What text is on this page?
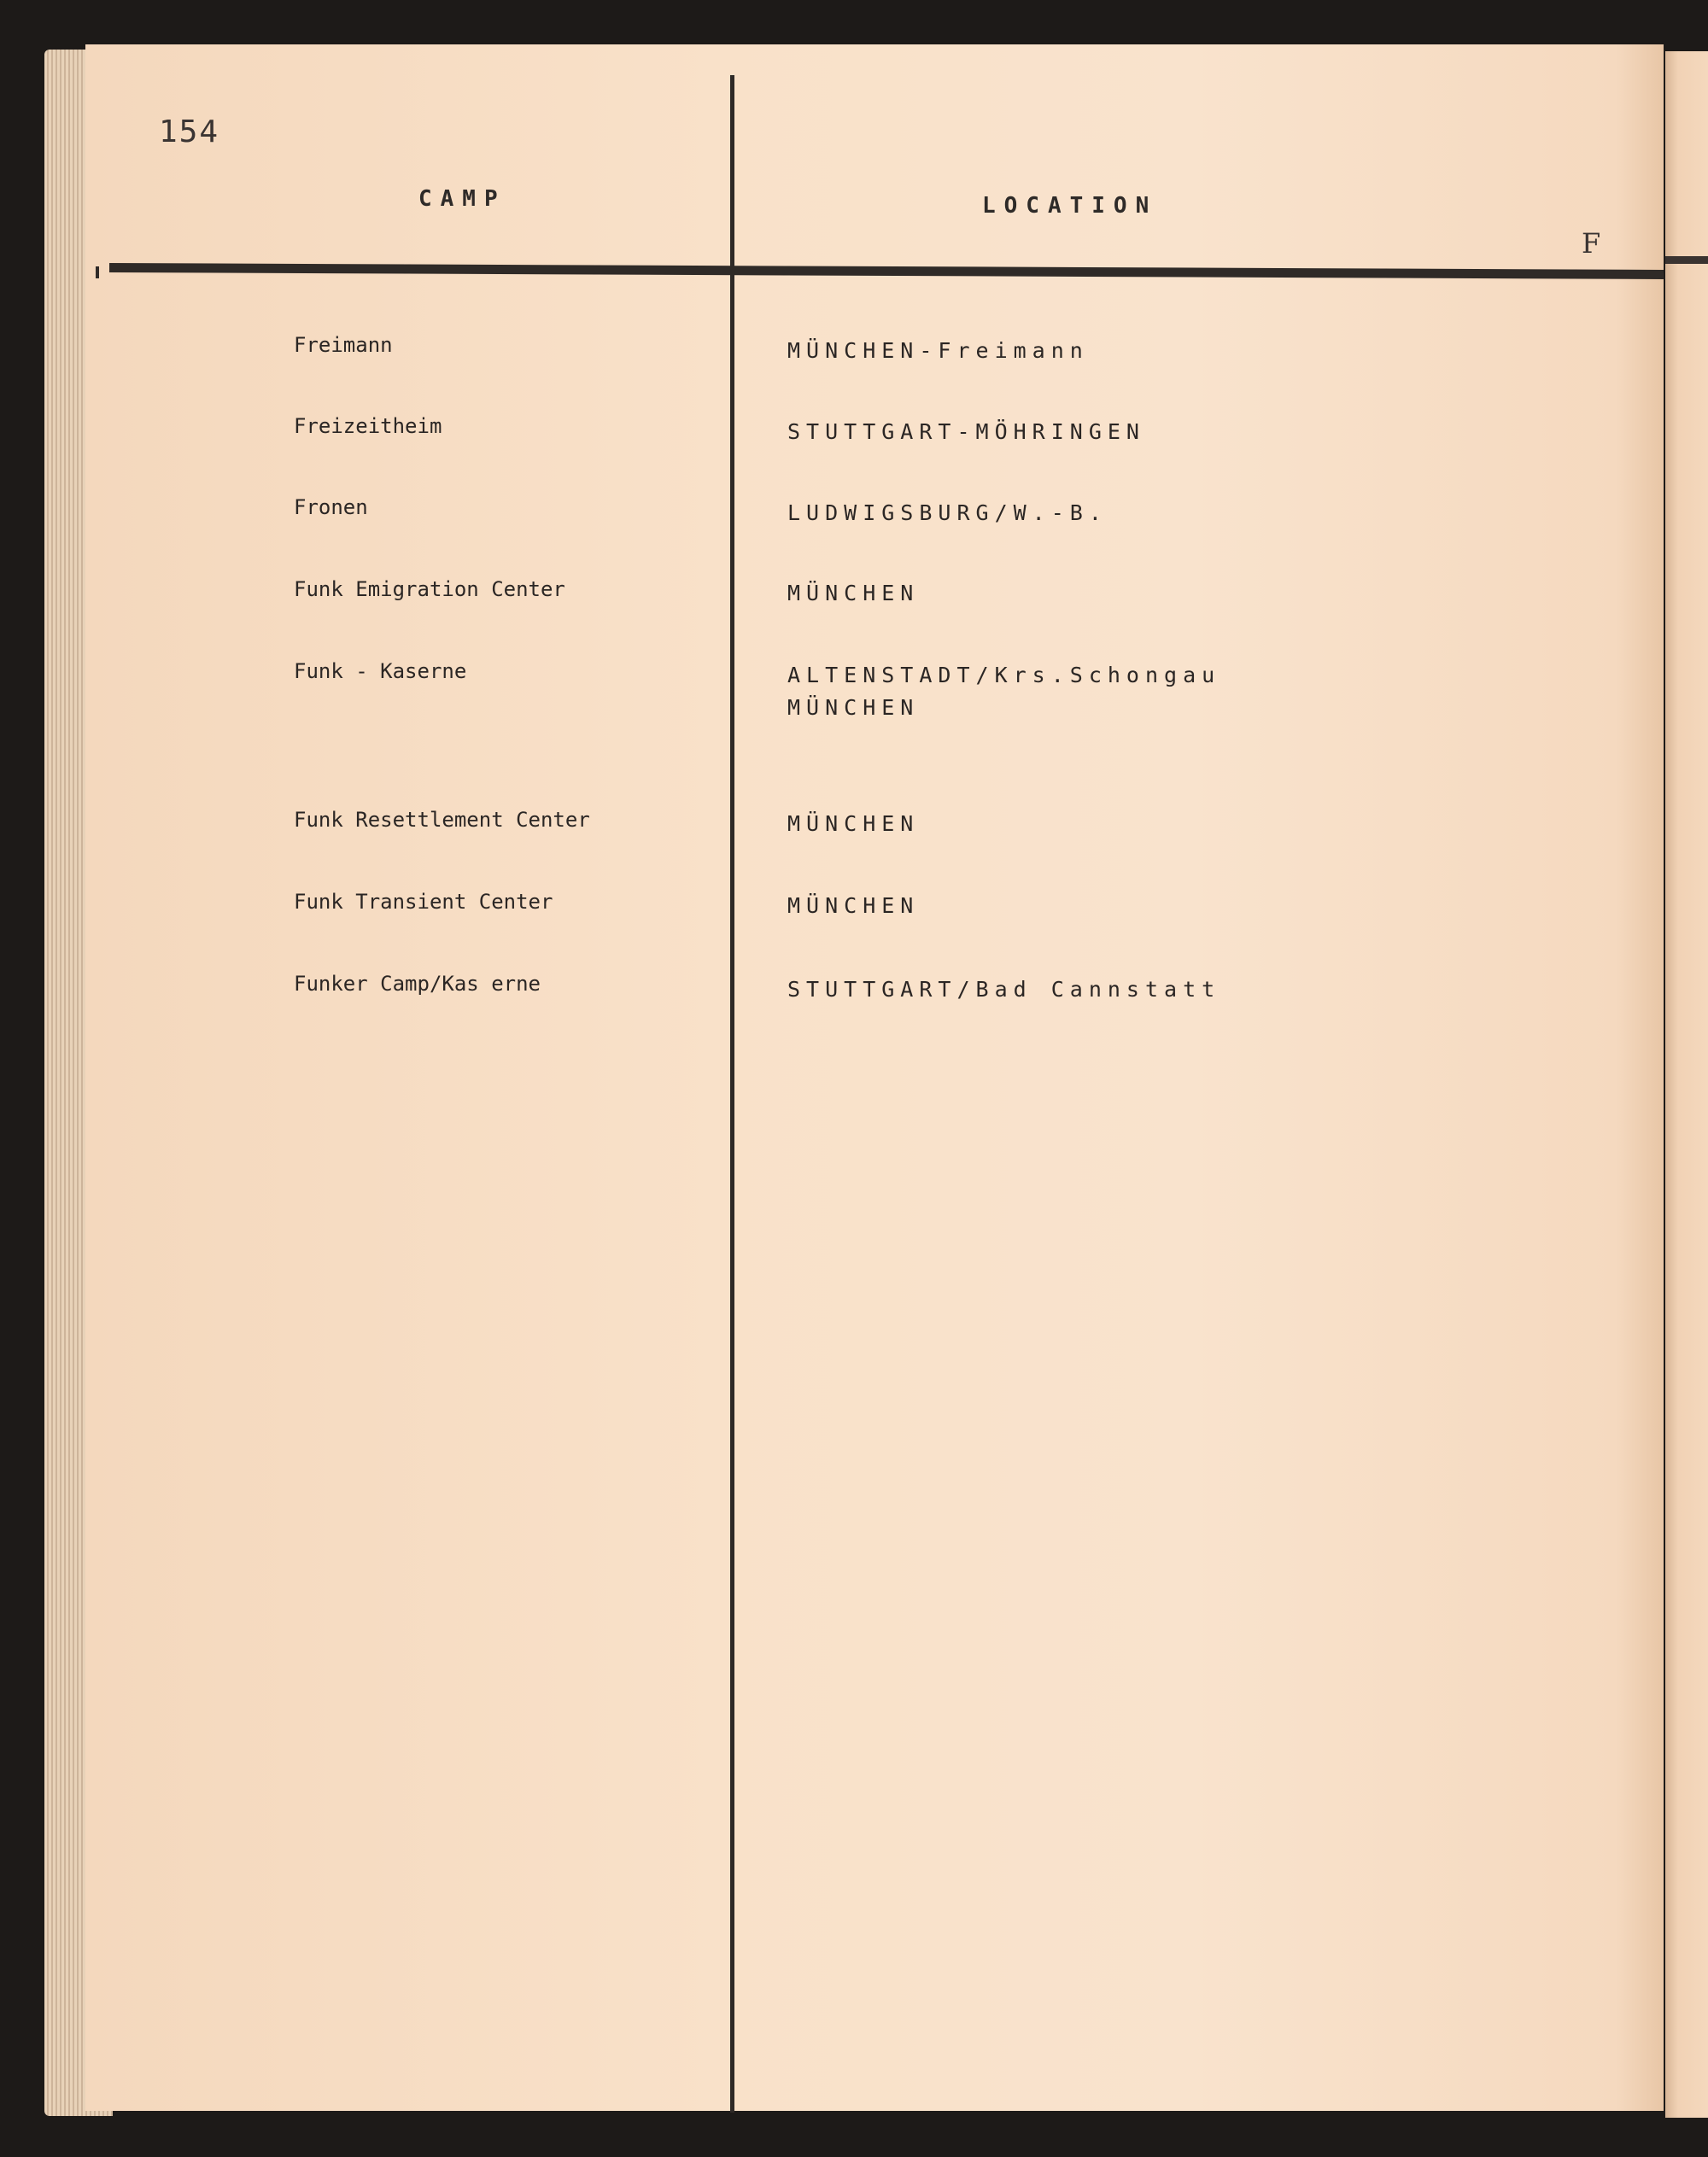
154
CAMP	LOCATION
F
Freimann
Freizeitheim
Fronen
Funk Emigration Center
Funk - Kaserne
Funk Resettlement Center
Funk Transient Center
Funker Camp/Kas erne
MÜNCHEN-Freimann
STUTTGART-MÖHRINGEN
LUDWIGSBURG/W.-B.
MÜNCHEN
ALTENSTADT/Krs.Schongau
MÜNCHEN
MÜNCHEN
MÜNCHEN
STUTTGART/Bad Cannstatt
